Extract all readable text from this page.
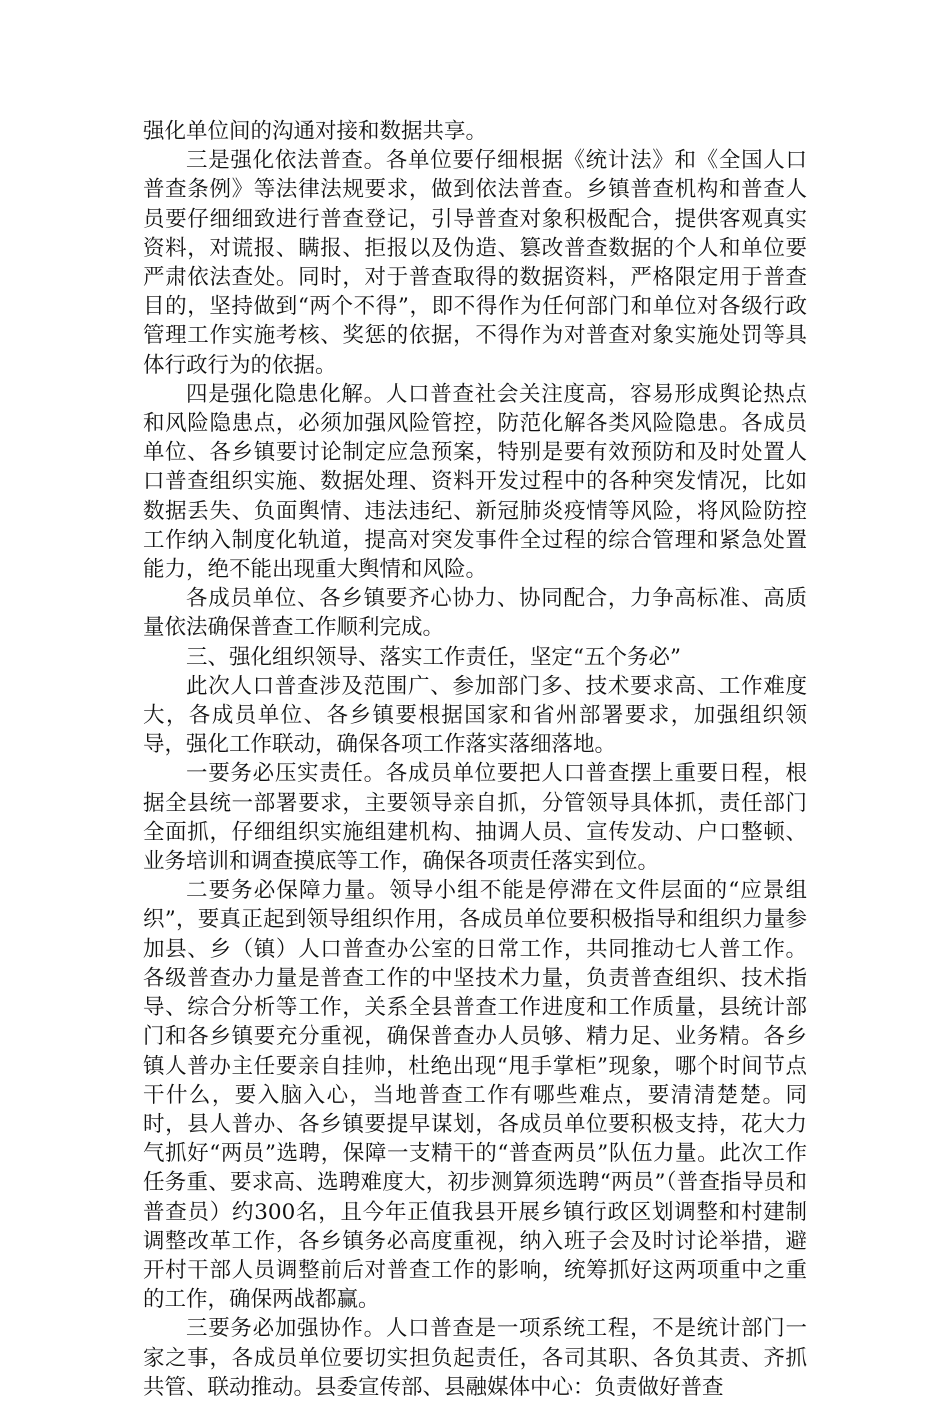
强化单位间的沟通对接和数据共享。

三是强化依法普查。各单位要仔细根据《统计法》和《全国人口普查条例》等法律法规要求，做到依法普查。乡镇普查机构和普查人员要仔细细致进行普查登记，引导普查对象积极配合，提供客观真实资料，对谎报、瞒报、拒报以及伪造、篡改普查数据的个人和单位要严肃依法查处。同时，对于普查取得的数据资料，严格限定用于普查目的，坚持做到“两个不得”，即不得作为任何部门和单位对各级行政管理工作实施考核、奖惩的依据，不得作为对普查对象实施处罚等具体行政行为的依据。

四是强化隐患化解。人口普查社会关注度高，容易形成舆论热点和风险隐患点，必须加强风险管控，防范化解各类风险隐患。各成员单位、各乡镇要讨论制定应急预案，特别是要有效预防和及时处置人口普查组织实施、数据处理、资料开发过程中的各种突发情况，比如数据丢失、负面舆情、违法违纪、新冠肺炎疫情等风险，将风险防控工作纳入制度化轨道，提高对突发事件全过程的综合管理和紧急处置能力，绝不能出现重大舆情和风险。

各成员单位、各乡镇要齐心协力、协同配合，力争高标准、高质量依法确保普查工作顺利完成。

三、强化组织领导、落实工作责任，坚定“五个务必”

此次人口普查涉及范围广、参加部门多、技术要求高、工作难度大，各成员单位、各乡镇要根据国家和省州部署要求，加强组织领导，强化工作联动，确保各项工作落实落细落地。

一要务必压实责任。各成员单位要把人口普查摆上重要日程，根据全县统一部署要求，主要领导亲自抓，分管领导具体抓，责任部门全面抓，仔细组织实施组建机构、抽调人员、宣传发动、户口整顿、业务培训和调查摸底等工作，确保各项责任落实到位。

二要务必保障力量。领导小组不能是停滞在文件层面的“应景组织”，要真正起到领导组织作用，各成员单位要积极指导和组织力量参加县、乡（镇）人口普查办公室的日常工作，共同推动七人普工作。各级普查办力量是普查工作的中坚技术力量，负责普查组织、技术指导、综合分析等工作，关系全县普查工作进度和工作质量，县统计部门和各乡镇要充分重视，确保普查办人员够、精力足、业务精。各乡镇人普办主任要亲自挂帅，杜绝出现“甩手掌柜”现象，哪个时间节点干什么，要入脑入心，当地普查工作有哪些难点，要清清楚楚。同时，县人普办、各乡镇要提早谋划，各成员单位要积极支持，花大力气抓好“两员”选聘，保障一支精干的“普查两员”队伍力量。此次工作任务重、要求高、选聘难度大，初步测算须选聘“两员”（普查指导员和普查员）约300名，且今年正值我县开展乡镇行政区划调整和村建制调整改革工作，各乡镇务必高度重视，纳入班子会及时讨论举措，避开村干部人员调整前后对普查工作的影响，统筹抓好这两项重中之重的工作，确保两战都赢。

三要务必加强协作。人口普查是一项系统工程，不是统计部门一家之事，各成员单位要切实担负起责任，各司其职、各负其责、齐抓共管、联动推动。县委宣传部、县融媒体中心：负责做好普查
